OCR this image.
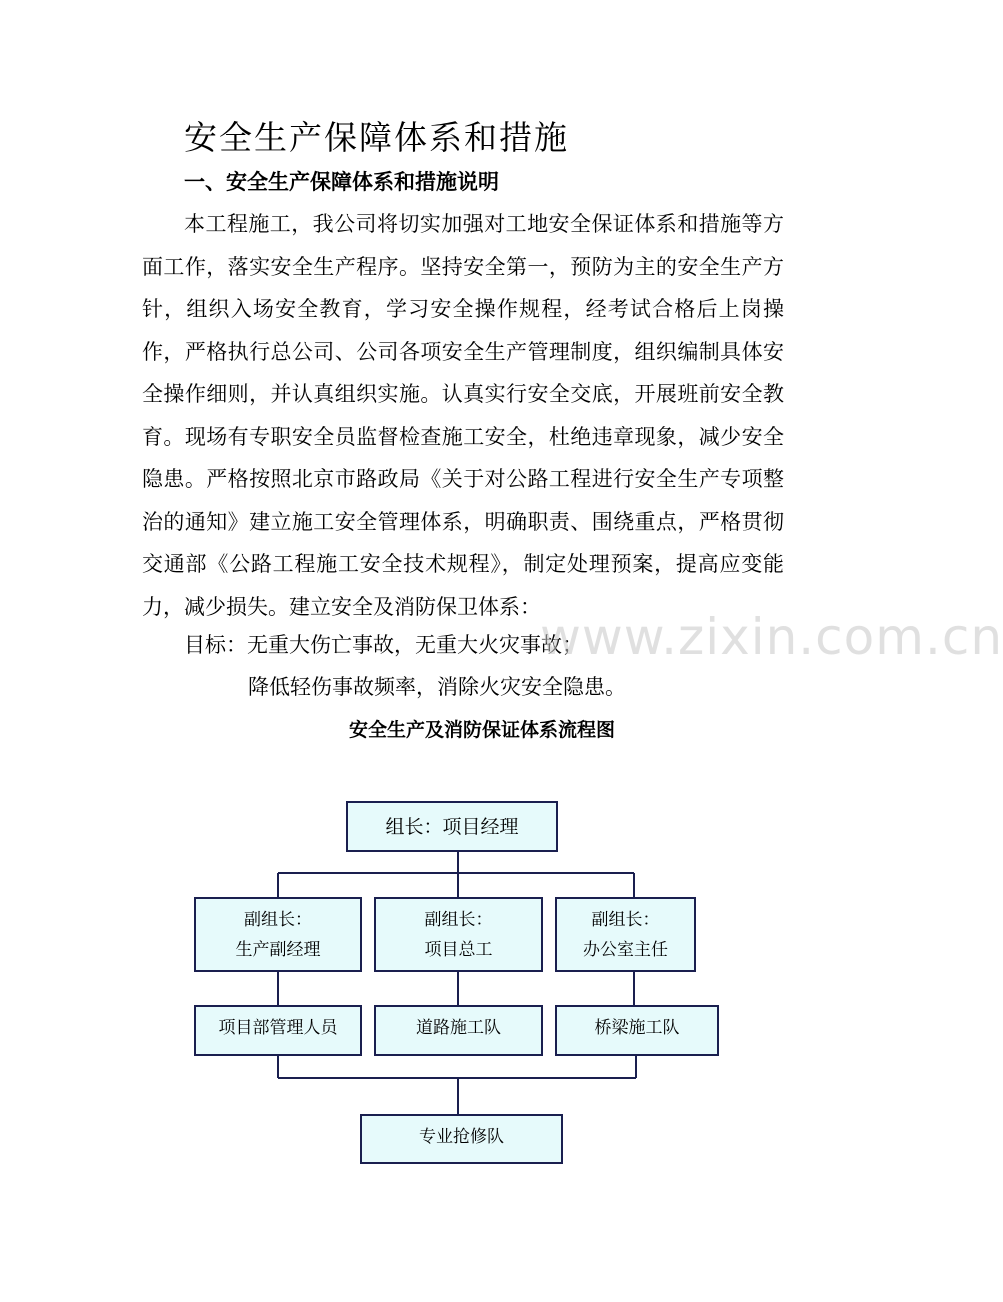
安全生产保障体系和措施
一、安全生产保障体系和措施说明

本工程施工，我公司将切实加强对工地安全保证体系和措施等方面工作，落实安全生产程序。坚持安全第一，预防为主的安全生产方针，组织入场安全教育，学习安全操作规程，经考试合格后上岗操作，严格执行总公司、公司各项安全生产管理制度，组织编制具体安全操作细则，并认真组织实施。认真实行安全交底，开展班前安全教育。现场有专职安全员监督检查施工安全，杜绝违章现象，减少安全隐患。严格按照北京市路政局《关于对公路工程进行安全生产专项整治的通知》建立施工安全管理体系，明确职责、围绕重点，严格贯彻交通部《公路工程施工安全技术规程》，制定处理预案，提高应变能力，减少损失。建立安全及消防保卫体系：

目标：无重大伤亡事故，无重大火灾事故；
降低轻伤事故频率，消除火灾安全隐患。
www.zixin.com.cn
安全生产及消防保证体系流程图
组长：项目经理
副组长：
生产副经理
副组长：
项目总工
副组长：
办公室主任
项目部管理人员	道路施工队	桥梁施工队
专业抢修队
